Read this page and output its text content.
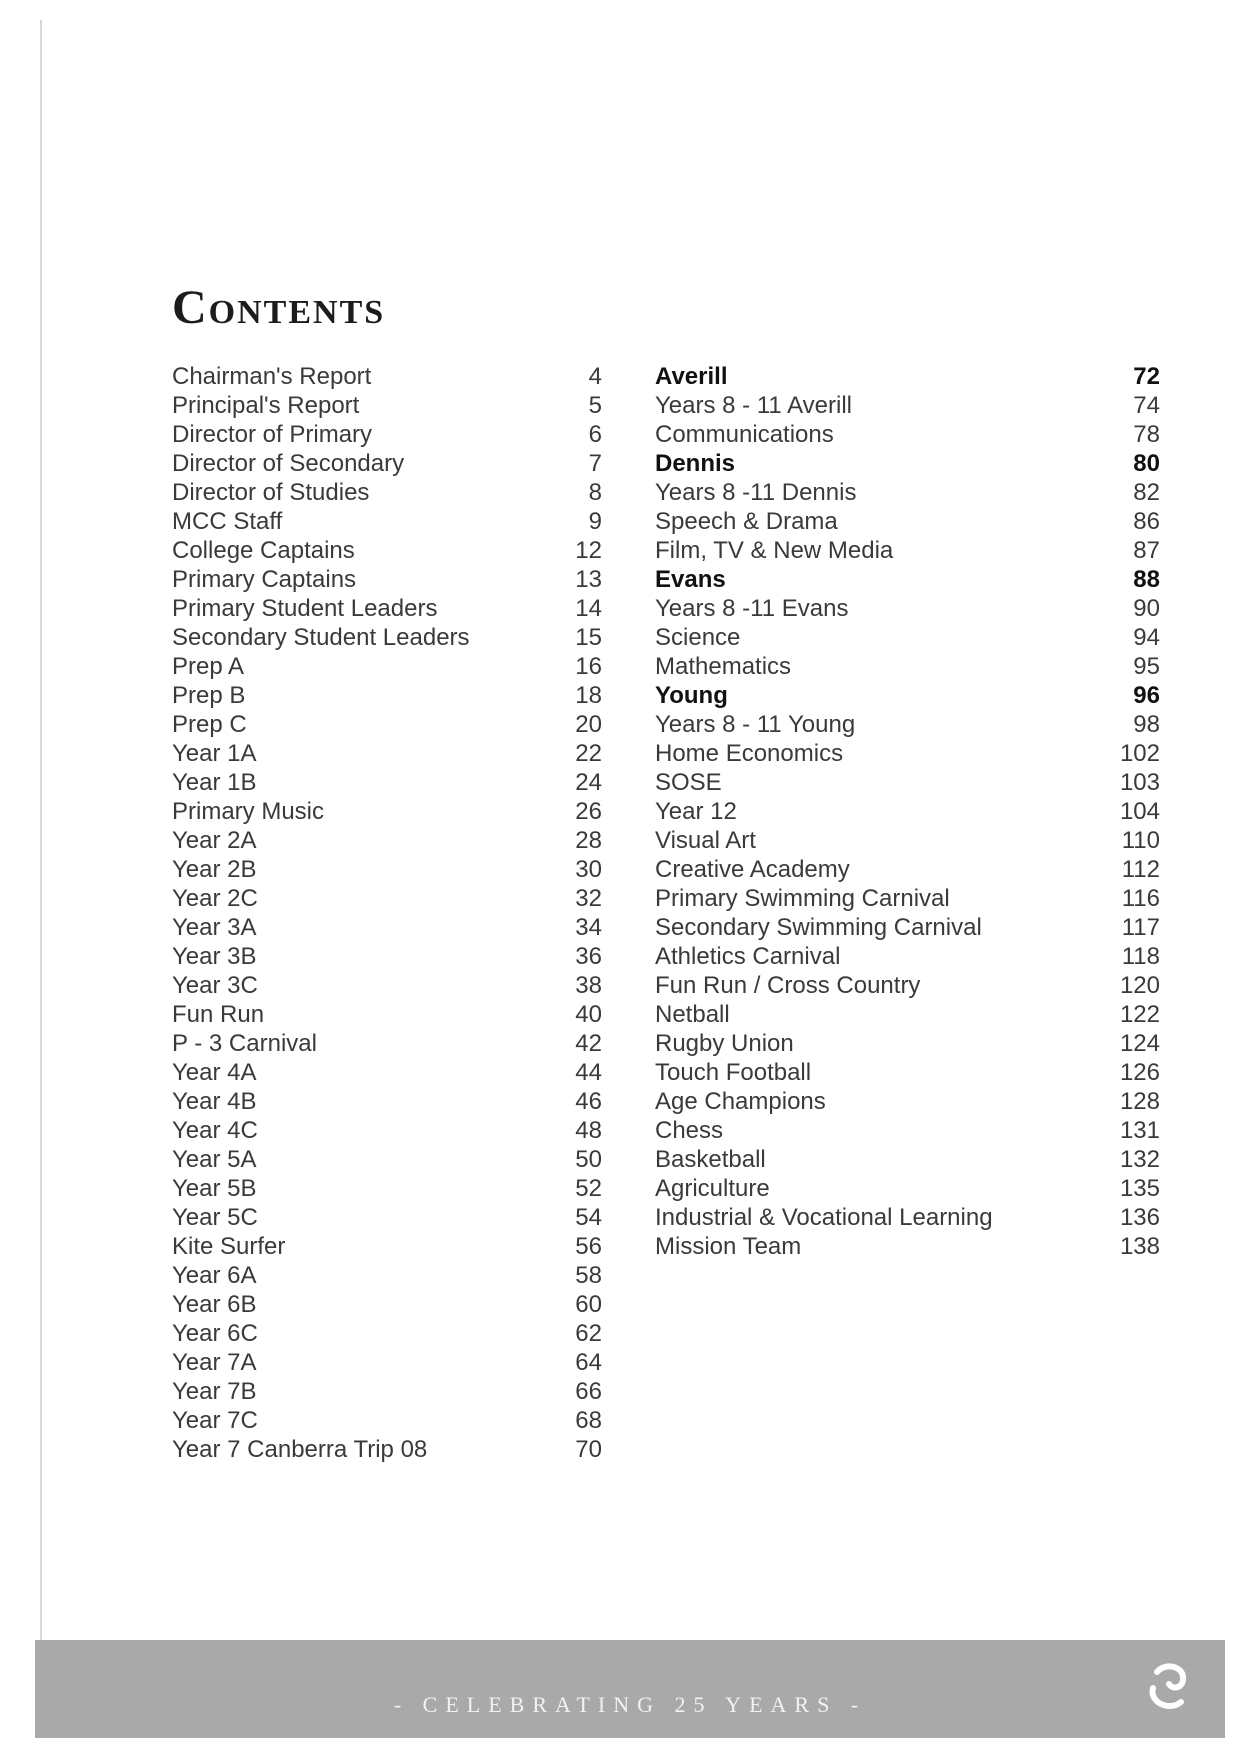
Contents
Chairman's Report	4
Principal's Report	5
Director of Primary	6
Director of Secondary	7
Director of Studies	8
MCC Staff	9
College Captains	12
Primary Captains	13
Primary Student Leaders	14
Secondary Student Leaders	15
Prep A	16
Prep B	18
Prep C	20
Year 1A	22
Year 1B	24
Primary Music	26
Year 2A	28
Year 2B	30
Year 2C	32
Year 3A	34
Year 3B	36
Year 3C	38
Fun Run	40
P - 3 Carnival	42
Year 4A	44
Year 4B	46
Year 4C	48
Year 5A	50
Year 5B	52
Year 5C	54
Kite Surfer	56
Year 6A	58
Year 6B	60
Year 6C	62
Year 7A	64
Year 7B	66
Year 7C	68
Year 7 Canberra Trip 08	70
Averill	72
Years 8 - 11 Averill	74
Communications	78
Dennis	80
Years 8 -11 Dennis	82
Speech & Drama	86
Film, TV & New Media	87
Evans	88
Years 8 -11 Evans	90
Science	94
Mathematics	95
Young	96
Years 8 - 11 Young	98
Home Economics	102
SOSE	103
Year 12	104
Visual Art	110
Creative Academy	112
Primary Swimming Carnival	116
Secondary Swimming Carnival	117
Athletics Carnival	118
Fun Run / Cross Country	120
Netball	122
Rugby Union	124
Touch Football	126
Age Champions	128
Chess	131
Basketball	132
Agriculture	135
Industrial & Vocational Learning	136
Mission Team	138
- CELEBRATING 25 YEARS -
